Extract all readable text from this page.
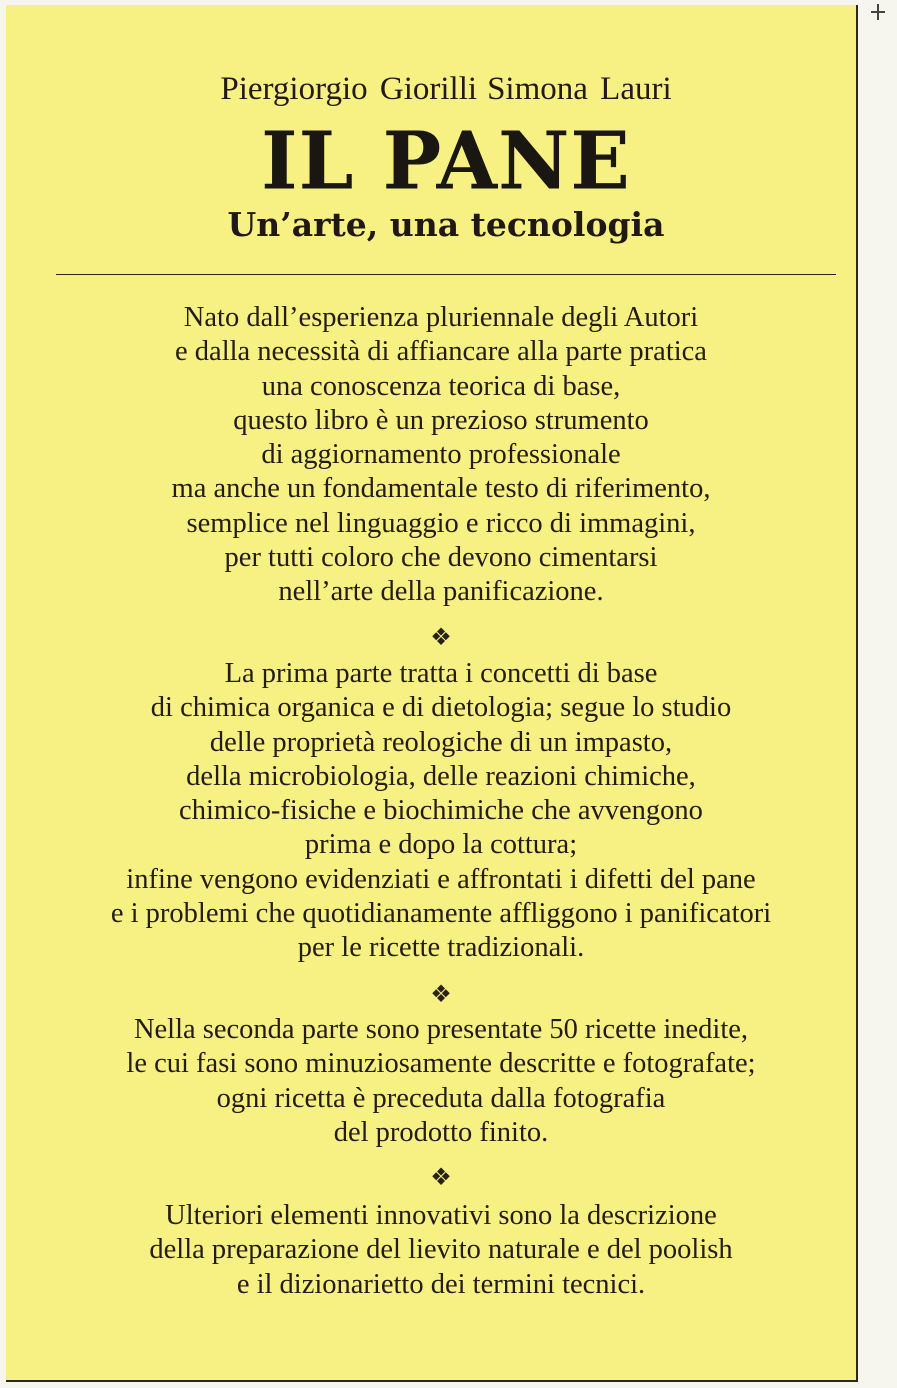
Piergiorgio Giorilli Simona Lauri
IL PANE
Un’arte, una tecnologia
Nato dall’esperienza pluriennale degli Autori
e dalla necessità di affiancare alla parte pratica
una conoscenza teorica di base,
questo libro è un prezioso strumento
di aggiornamento professionale
ma anche un fondamentale testo di riferimento,
semplice nel linguaggio e ricco di immagini,
per tutti coloro che devono cimentarsi
nell’arte della panificazione.
❖
La prima parte tratta i concetti di base
di chimica organica e di dietologia; segue lo studio
delle proprietà reologiche di un impasto,
della microbiologia, delle reazioni chimiche,
chimico-fisiche e biochimiche che avvengono
prima e dopo la cottura;
infine vengono evidenziati e affrontati i difetti del pane
e i problemi che quotidianamente affliggono i panificatori
per le ricette tradizionali.
❖
Nella seconda parte sono presentate 50 ricette inedite,
le cui fasi sono minuziosamente descritte e fotografate;
ogni ricetta è preceduta dalla fotografia
del prodotto finito.
❖
Ulteriori elementi innovativi sono la descrizione
della preparazione del lievito naturale e del poolish
e il dizionarietto dei termini tecnici.
